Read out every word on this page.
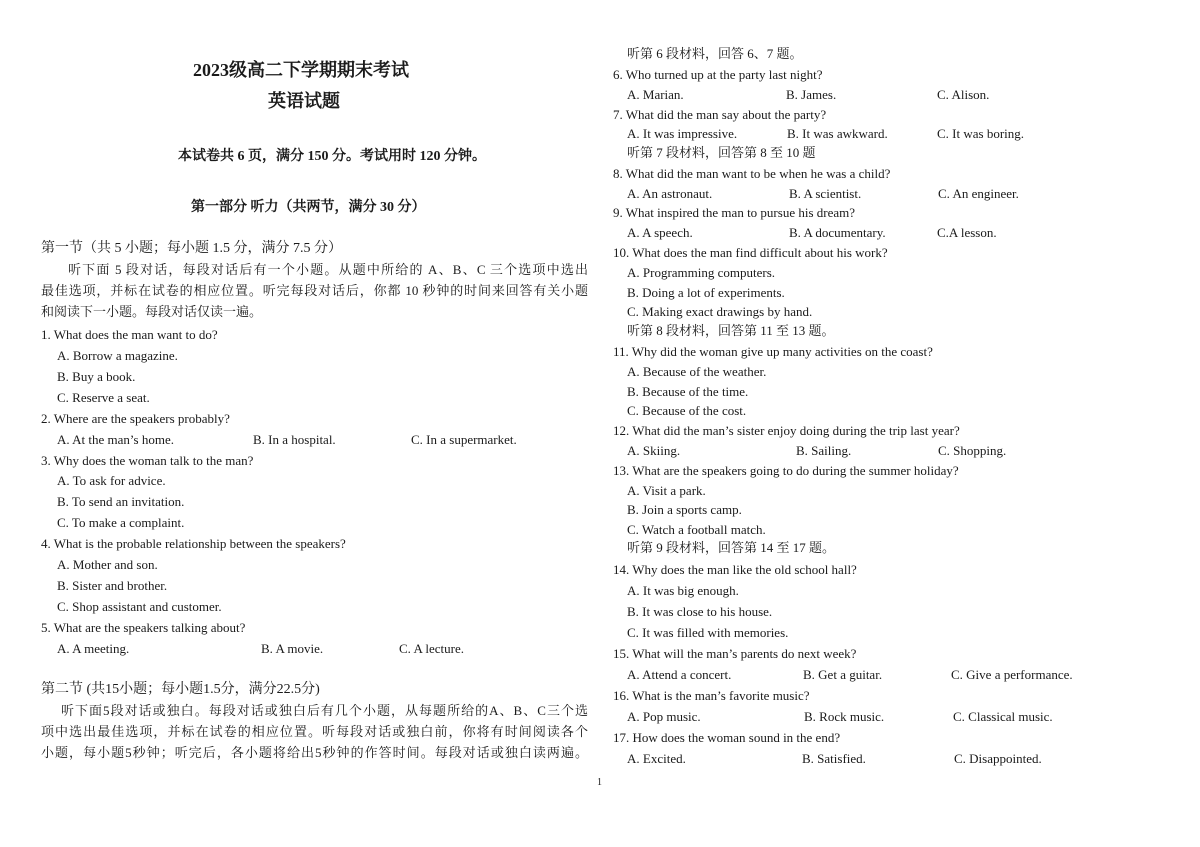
2023级高二下学期期末考试
英语试题
本试卷共 6 页，满分 150 分。考试用时 120 分钟。
第一部分 听力（共两节，满分 30 分）
第一节（共 5 小题；每小题 1.5 分，满分 7.5 分）
听下面 5 段对话，每段对话后有一个小题。从题中所给的 A、B、C 三个选项中选出
最佳选项，并标在试卷的相应位置。听完每段对话后，你都 10 秒钟的时间来回答有关小题
和阅读下一小题。每段对话仅读一遍。
1. What does the man want to do?
A. Borrow a magazine.
B. Buy a book.
C. Reserve a seat.
2. Where are the speakers probably?
A. At the man’s home.	B. In a hospital.	C. In a supermarket.
3. Why does the woman talk to the man?
A. To ask for advice.
B. To send an invitation.
C. To make a complaint.
4. What is the probable relationship between the speakers?
A. Mother and son.
B. Sister and brother.
C. Shop assistant and customer.
5. What are the speakers talking about?
A. A meeting.	B. A movie.	C. A lecture.
第二节 (共15小题；每小题1.5分，满分22.5分)
听下面5段对话或独白。每段对话或独白后有几个小题，从每题所给的A、B、C三个选
项中选出最佳选项，并标在试卷的相应位置。听每段对话或独白前，你将有时间阅读各个
小题，每小题5秒钟；听完后，各小题将给出5秒钟的作答时间。每段对话或独白读两遍。
听第 6 段材料，回答 6、7 题。
6. Who turned up at the party last night?
A. Marian.	B. James.	C. Alison.
7. What did the man say about the party?
A. It was impressive.	B. It was awkward.	C. It was boring.
听第 7 段材料，回答第 8 至 10 题
8. What did the man want to be when he was a child?
A. An astronaut.	B. A scientist.	C. An engineer.
9. What inspired the man to pursue his dream?
A. A speech.	B. A documentary.	C.A lesson.
10. What does the man find difficult about his work?
A. Programming computers.
B. Doing a lot of experiments.
C. Making exact drawings by hand.
听第 8 段材料，回答第 11 至 13 题。
11. Why did the woman give up many activities on the coast?
A. Because of the weather.
B. Because of the time.
C. Because of the cost.
12. What did the man’s sister enjoy doing during the trip last year?
A. Skiing.	B. Sailing.	C. Shopping.
13. What are the speakers going to do during the summer holiday?
A. Visit a park.
B. Join a sports camp.
C. Watch a football match.
听第 9 段材料，回答第 14 至 17 题。
14. Why does the man like the old school hall?
A. It was big enough.
B. It was close to his house.
C. It was filled with memories.
15. What will the man’s parents do next week?
A. Attend a concert.	B. Get a guitar.	C. Give a performance.
16. What is the man’s favorite music?
A. Pop music.	B. Rock music.	C. Classical music.
17. How does the woman sound in the end?
A. Excited.	B. Satisfied.	C. Disappointed.
1
